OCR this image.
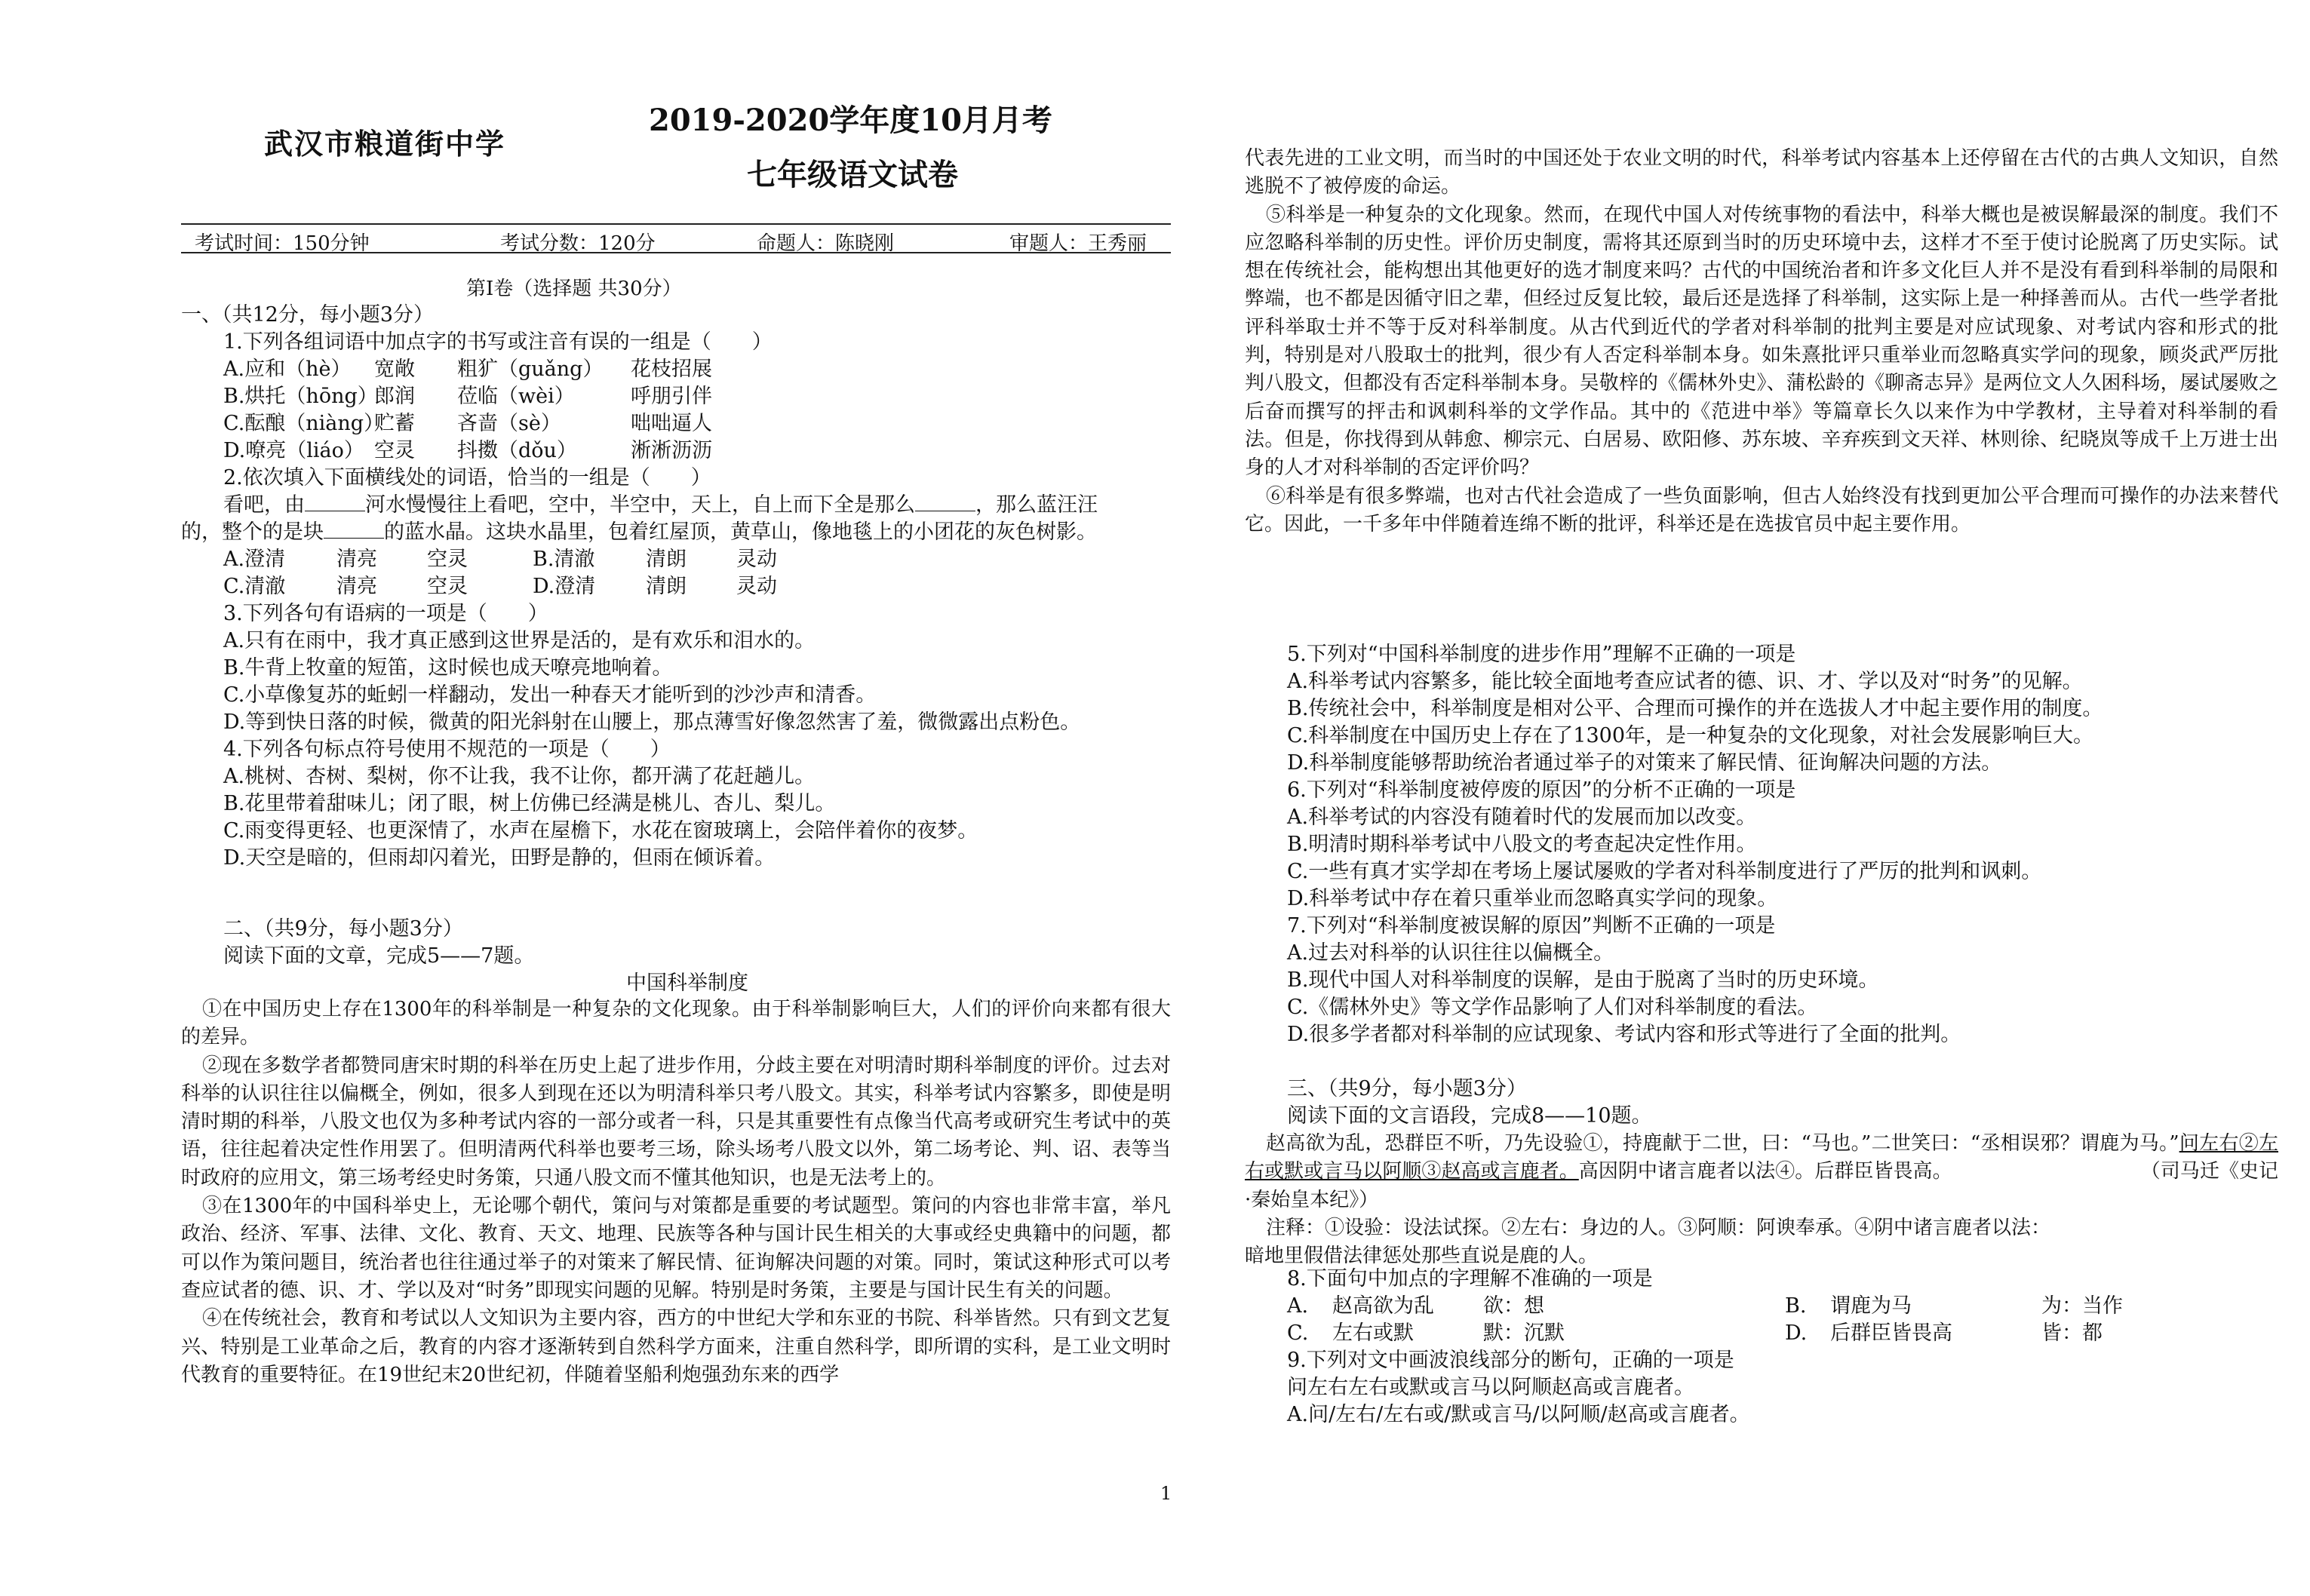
武汉市粮道街中学
2019-2020学年度10月月考
七年级语文试卷
考试时间：150分钟	考试分数：120分	命题人：陈晓刚	审题人：王秀丽
第Ⅰ卷（选择题 共30分）

一、（共12分，每小题3分）

1.下列各组词语中加点字的书写或注音有误的一组是（　　）

A.应和（hè） 宽敞 粗犷（guǎng） 花枝招展

B.烘托（hōng）郎润 莅临（wèi）	呼朋引伴

C.酝酿（niàng）贮蓄 吝啬（sè）	咄咄逼人

D.嘹亮（liáo） 空灵 抖擞（dǒu）	淅淅沥沥

2.依次填入下面横线处的词语，恰当的一组是（　　）

看吧，由	河水慢慢往上看吧，空中，半空中，天上，自上而下全是那么	，那么蓝汪汪

的，整个的是块	的蓝水晶。这块水晶里，包着红屋顶，黄草山，像地毯上的小团花的灰色树影。

A.澄清	清亮 空灵	B.清澈	清朗 灵动

C.清澈	清亮 空灵	D.澄清 清朗 灵动

3.下列各句有语病的一项是（　　）

A.只有在雨中，我才真正感到这世界是活的，是有欢乐和泪水的。

B.牛背上牧童的短笛，这时候也成天嘹亮地响着。

C.小草像复苏的蚯蚓一样翻动，发出一种春天才能听到的沙沙声和清香。

D.等到快日落的时候，微黄的阳光斜射在山腰上，那点薄雪好像忽然害了羞，微微露出点粉色。

4.下列各句标点符号使用不规范的一项是（　　）

A.桃树、杏树、梨树，你不让我，我不让你，都开满了花赶趟儿。

B.花里带着甜味儿；闭了眼，树上仿佛已经满是桃儿、杏儿、梨儿。

C.雨变得更轻、也更深情了，水声在屋檐下，水花在窗玻璃上，会陪伴着你的夜梦。

D.天空是暗的，但雨却闪着光，田野是静的，但雨在倾诉着。

二、（共9分，每小题3分）

阅读下面的文章，完成5——7题。

中国科举制度

①在中国历史上存在1300年的科举制是一种复杂的文化现象。由于科举制影响巨大，人们的评价向来都有很大的差异。

②现在多数学者都赞同唐宋时期的科举在历史上起了进步作用，分歧主要在对明清时期科举制度的评价。过去对科举的认识往往以偏概全，例如，很多人到现在还以为明清科举只考八股文。其实，科举考试内容繁多，即使是明清时期的科举，八股文也仅为多种考试内容的一部分或者一科，只是其重要性有点像当代高考或研究生考试中的英语，往往起着决定性作用罢了。但明清两代科举也要考三场，除头场考八股文以外，第二场考论、判、诏、表等当时政府的应用文，第三场考经史时务策，只通八股文而不懂其他知识，也是无法考上的。

③在1300年的中国科举史上，无论哪个朝代，策问与对策都是重要的考试题型。策问的内容也非常丰富，举凡政治、经济、军事、法律、文化、教育、天文、地理、民族等各种与国计民生相关的大事或经史典籍中的问题，都可以作为策问题目，统治者也往往通过举子的对策来了解民情、征询解决问题的对策。同时，策试这种形式可以考查应试者的德、识、才、学以及对“时务”即现实问题的见解。特别是时务策，主要是与国计民生有关的问题。

④在传统社会，教育和考试以人文知识为主要内容，西方的中世纪大学和东亚的书院、科举皆然。只有到文艺复兴、特别是工业革命之后，教育的内容才逐渐转到自然科学方面来，注重自然科学，即所谓的实科，是工业文明时代教育的重要特征。在19世纪末20世纪初，伴随着坚船利炮强劲东来的西学

1

代表先进的工业文明，而当时的中国还处于农业文明的时代，科举考试内容基本上还停留在古代的古典人文知识，自然逃脱不了被停废的命运。

⑤科举是一种复杂的文化现象。然而，在现代中国人对传统事物的看法中，科举大概也是被误解最深的制度。我们不应忽略科举制的历史性。评价历史制度，需将其还原到当时的历史环境中去，这样才不至于使讨论脱离了历史实际。试想在传统社会，能构想出其他更好的选才制度来吗？古代的中国统治者和许多文化巨人并不是没有看到科举制的局限和弊端，也不都是因循守旧之辈，但经过反复比较，最后还是选择了科举制，这实际上是一种择善而从。古代一些学者批评科举取士并不等于反对科举制度。从古代到近代的学者对科举制的批判主要是对应试现象、对考试内容和形式的批判，特别是对八股取士的批判，很少有人否定科举制本身。如朱熹批评只重举业而忽略真实学问的现象，顾炎武严厉批判八股文，但都没有否定科举制本身。吴敬梓的《儒林外史》、蒲松龄的《聊斋志异》是两位文人久困科场，屡试屡败之后奋而撰写的抨击和讽刺科举的文学作品。其中的《范进中举》等篇章长久以来作为中学教材，主导着对科举制的看法。但是，你找得到从韩愈、柳宗元、白居易、欧阳修、苏东坡、辛弃疾到文天祥、林则徐、纪晓岚等成千上万进士出身的人才对科举制的否定评价吗？

⑥科举是有很多弊端，也对古代社会造成了一些负面影响，但古人始终没有找到更加公平合理而可操作的办法来替代它。因此，一千多年中伴随着连绵不断的批评，科举还是在选拔官员中起主要作用。

5.下列对“中国科举制度的进步作用”理解不正确的一项是

A.科举考试内容繁多，能比较全面地考查应试者的德、识、才、学以及对“时务”的见解。

B.传统社会中，科举制度是相对公平、合理而可操作的并在选拔人才中起主要作用的制度。

C.科举制度在中国历史上存在了1300年，是一种复杂的文化现象，对社会发展影响巨大。

D.科举制度能够帮助统治者通过举子的对策来了解民情、征询解决问题的方法。

6.下列对“科举制度被停废的原因”的分析不正确的一项是

A.科举考试的内容没有随着时代的发展而加以改变。

B.明清时期科举考试中八股文的考查起决定性作用。

C.一些有真才实学却在考场上屡试屡败的学者对科举制度进行了严厉的批判和讽刺。

D.科举考试中存在着只重举业而忽略真实学问的现象。

7.下列对“科举制度被误解的原因”判断不正确的一项是

A.过去对科举的认识往往以偏概全。

B.现代中国人对科举制度的误解，是由于脱离了当时的历史环境。

C.《儒林外史》等文学作品影响了人们对科举制度的看法。

D.很多学者都对科举制的应试现象、考试内容和形式等进行了全面的批判。

三、（共9分，每小题3分）

阅读下面的文言语段，完成8——10题。

赵高欲为乱，恐群臣不听，乃先设验①，持鹿献于二世，曰：“马也。”二世笑曰：“丞相误邪？谓鹿为马。”问左右②左右或默或言马以阿顺③赵高或言鹿者。高因阴中诸言鹿者以法④。后群臣皆畏高。	（司马迁《史记·秦始皇本纪》）

注释：①设验：设法试探。②左右：身边的人。③阿顺：阿谀奉承。④阴中诸言鹿者以法：

暗地里假借法律惩处那些直说是鹿的人。

8.下面句中加点的字理解不准确的一项是

A. 赵高欲为乱 欲：想	B. 谓鹿为马	为：当作

C. 左右或默	默：沉默	D. 后群臣皆畏高	皆：都

9.下列对文中画波浪线部分的断句，正确的一项是

问左右左右或默或言马以阿顺赵高或言鹿者。

A.问/左右/左右或/默或言马/以阿顺/赵高或言鹿者。
